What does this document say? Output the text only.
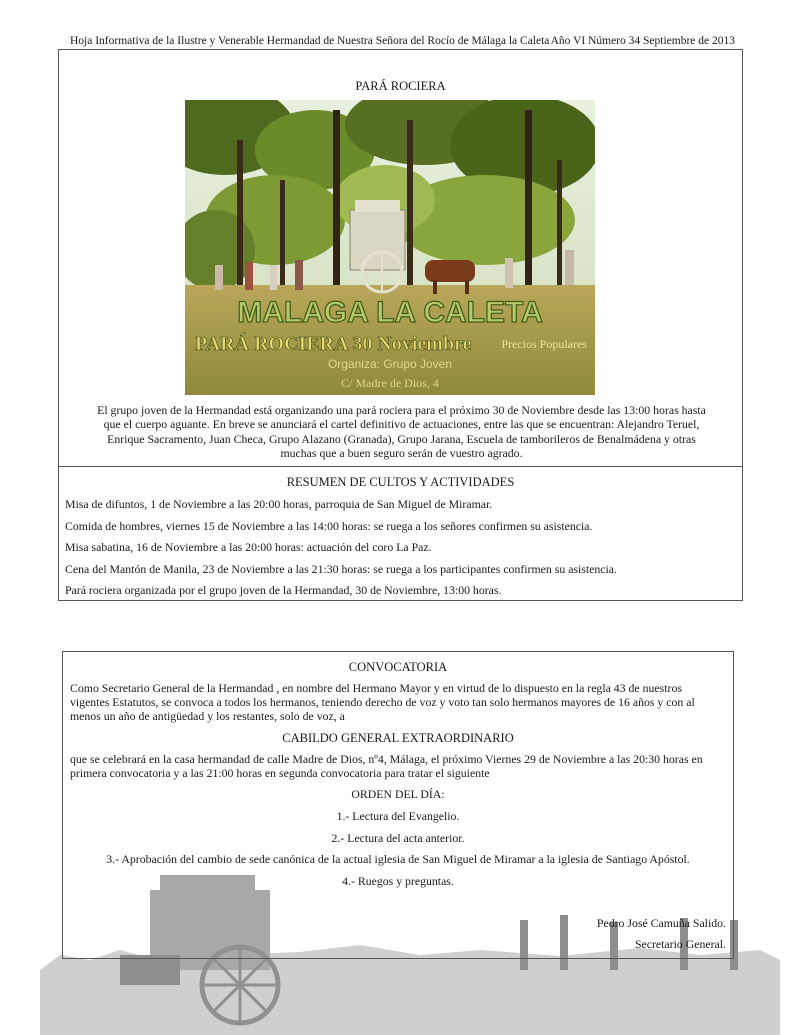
Hoja Informativa de la Ilustre y Venerable Hermandad de Nuestra Señora del Rocío de Málaga la Caleta Año VI Número 34 Septiembre de 2013
PARÁ ROCIERA
MALAGA LA CALETA
PARÁ ROCIERA 30 Noviembre Precios Populares
Organiza: Grupo Joven
C/ Madre de Dios, 4
El grupo joven de la Hermandad está organizando una pará rociera para el próximo 30 de Noviembre desde las 13:00 horas hasta
que el cuerpo aguante. En breve se anunciará el cartel definitivo de actuaciones, entre las que se encuentran: Alejandro Teruel,
Enrique Sacramento, Juan Checa, Grupo Alazano (Granada), Grupo Jarana, Escuela de tamborileros de Benalmádena y otras
muchas que a buen seguro serán de vuestro agrado.
RESUMEN DE CULTOS Y ACTIVIDADES
Misa de difuntos, 1 de Noviembre a las 20:00 horas, parroquia de San Miguel de Miramar.
Comida de hombres, viernes 15 de Noviembre a las 14:00 horas: se ruega a los señores confirmen su asistencia.
Misa sabatina, 16 de Noviembre a las 20:00 horas: actuación del coro La Paz.
Cena del Mantón de Manila, 23 de Noviembre a las 21:30 horas: se ruega a los participantes confirmen su asistencia.
Pará rociera organizada por el grupo joven de la Hermandad, 30 de Noviembre, 13:00 horas.
CONVOCATORIA
Como Secretario General de la Hermandad , en nombre del Hermano Mayor y en virtud de lo dispuesto en la regla 43 de nuestros
vigentes Estatutos, se convoca a todos los hermanos, teniendo derecho de voz y voto tan solo hermanos mayores de 16 años y con al
menos un año de antigüedad y los restantes, solo de voz, a
CABILDO GENERAL EXTRAORDINARIO
que se celebrará en la casa hermandad de calle Madre de Dios, nº4, Málaga, el próximo Viernes 29 de Noviembre a las 20:30 horas en
primera convocatoria y a las 21:00 horas en segunda convocatoria para tratar el siguiente
ORDEN DEL DÍA:
1.- Lectura del Evangelio.
2.- Lectura del acta anterior.
3.- Aprobación del cambio de sede canónica de la actual iglesia de San Miguel de Miramar a la iglesia de Santiago Apóstol.
4.- Ruegos y preguntas.
Pedro José Camuña Salido.
Secretario General.
